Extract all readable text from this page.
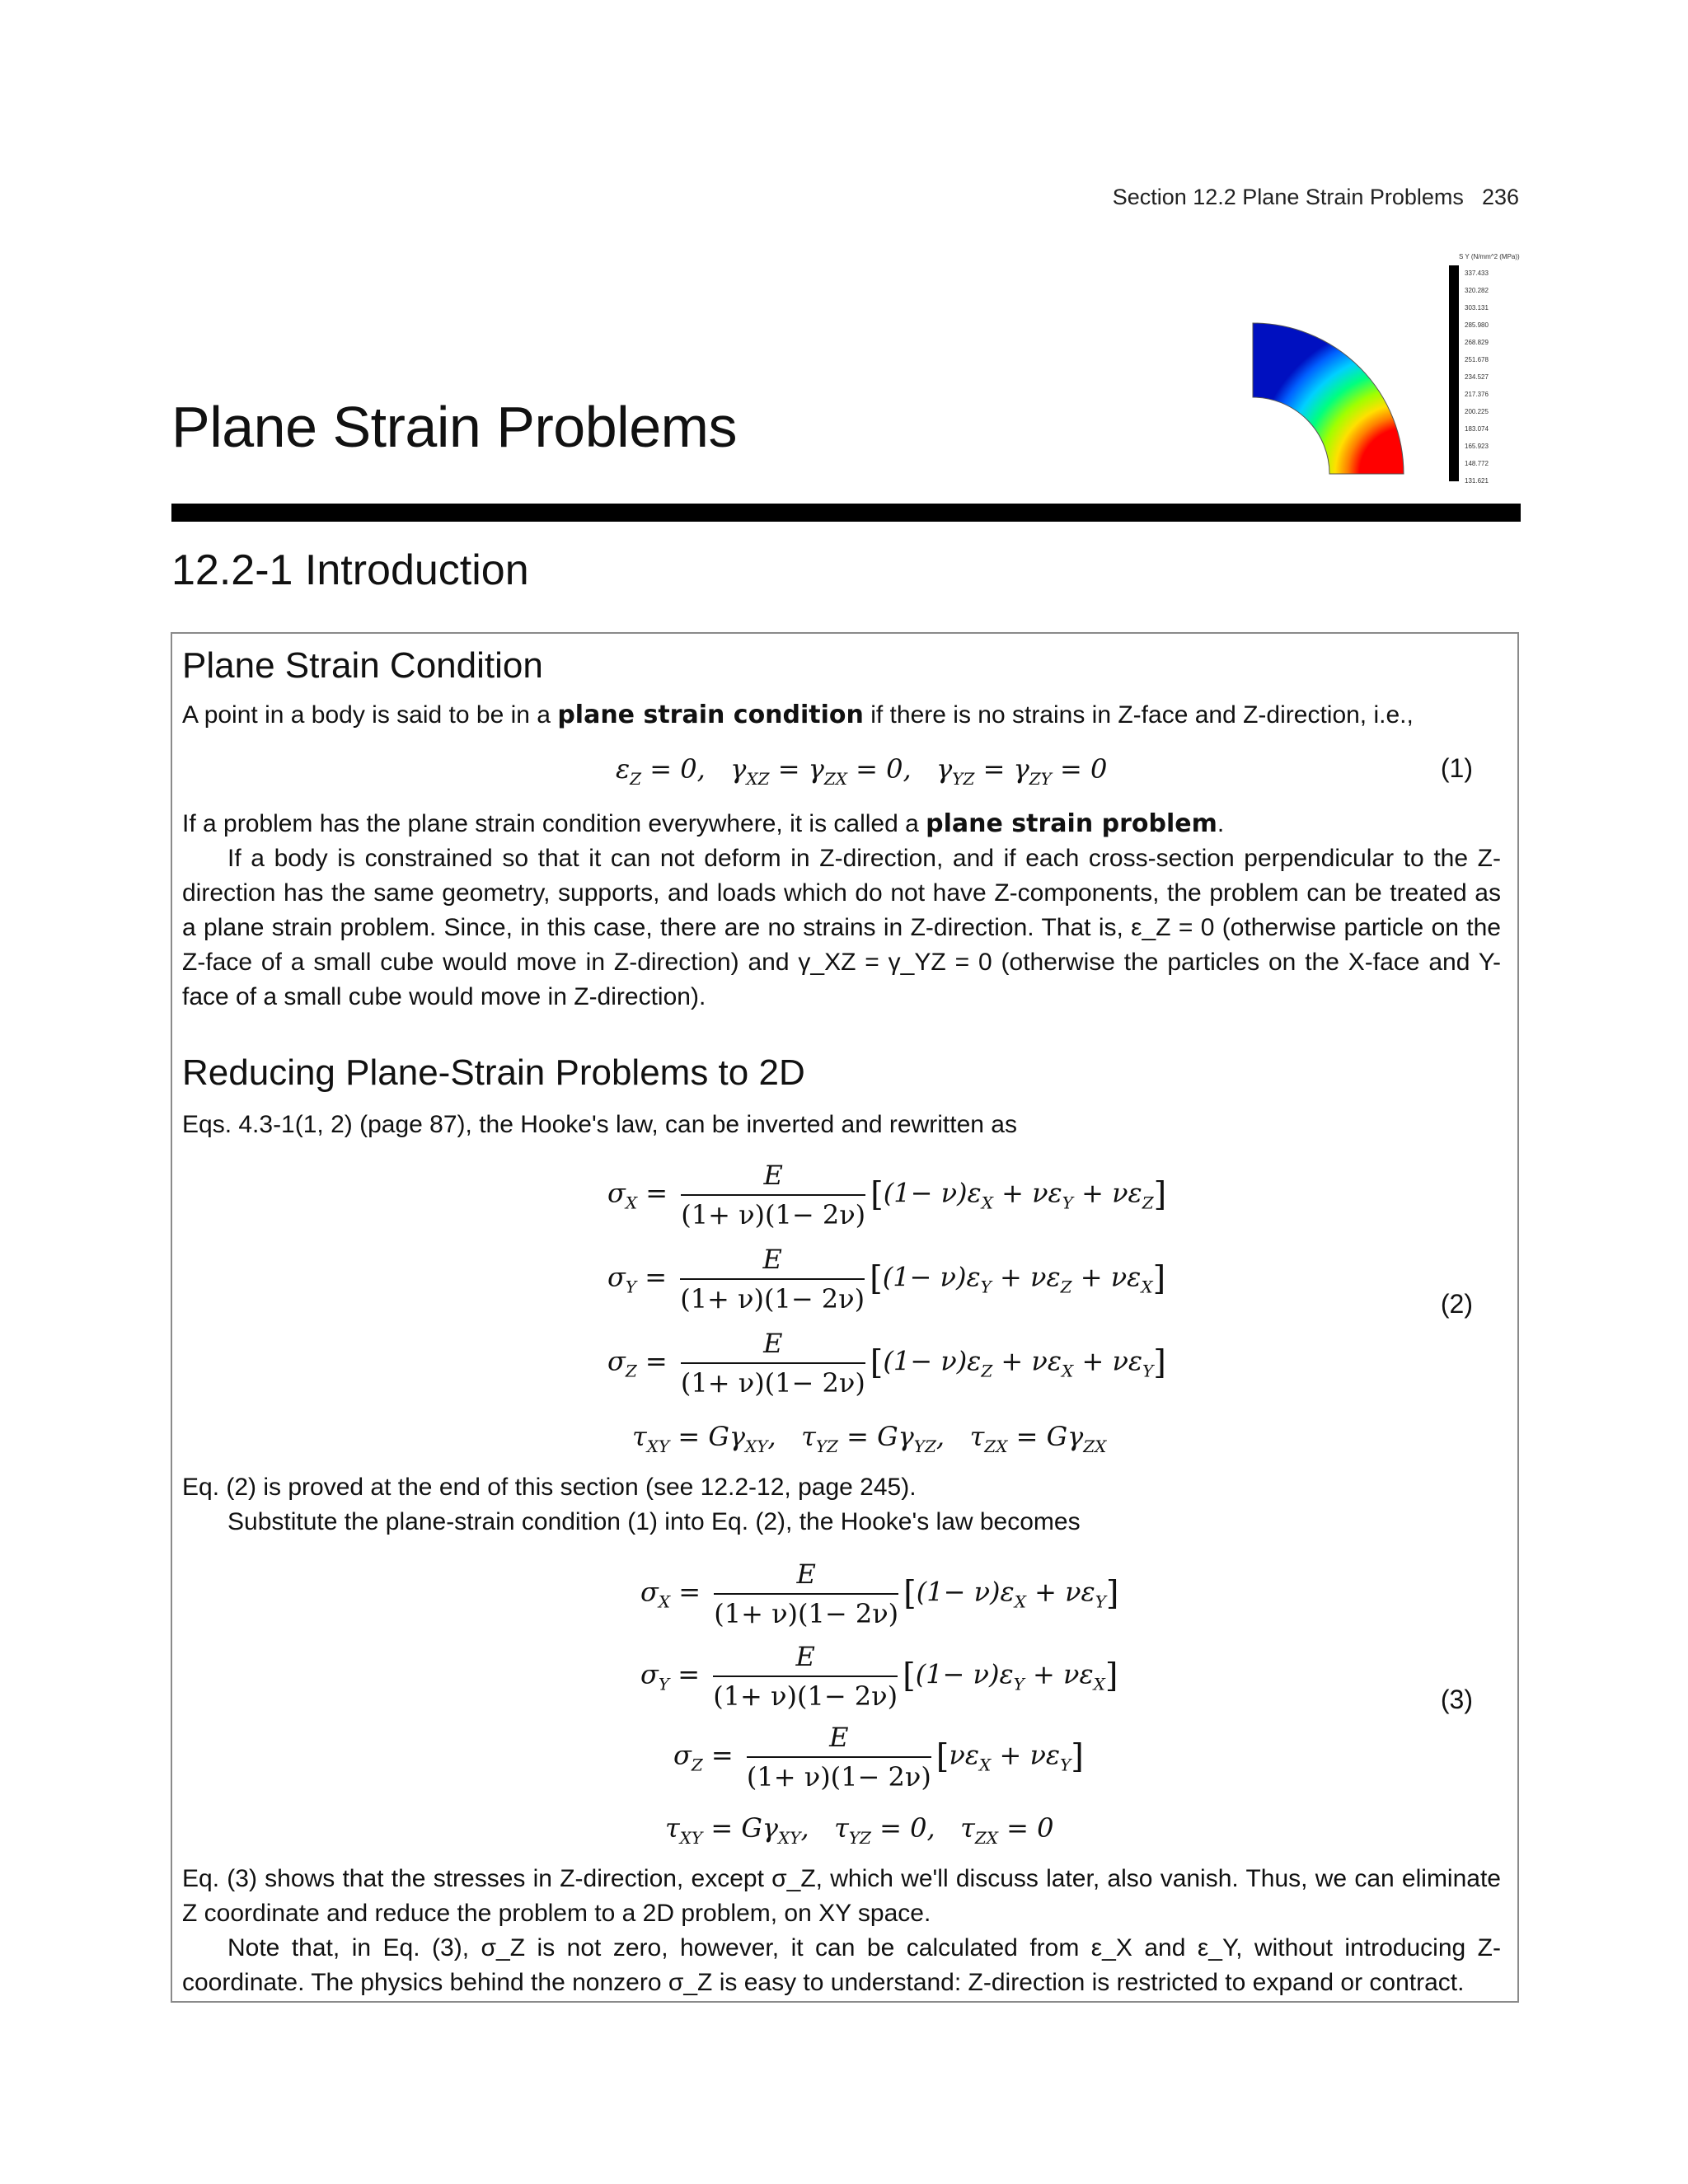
Section 12.2 Plane Strain Problems 236
S Y (N/mm^2 (MPa))
337.433
320.282
303.131
285.980
268.829
251.678
234.527
217.376
200.225
183.074
165.923
148.772
131.621
Plane Strain Problems
12.2-1 Introduction
Plane Strain Condition
A point in a body is said to be in a plane strain condition if there is no strains in Z-face and Z-direction, i.e.,
$\varepsilon_Z = 0$,   $\gamma_{XZ} = \gamma_{ZX} = 0$,   $\gamma_{YZ} = \gamma_{ZY} = 0$	(1)
If a problem has the plane strain condition everywhere, it is called a plane strain problem.
If a body is constrained so that it can not deform in Z-direction, and if each cross-section perpendicular to the Z-direction has the same geometry, supports, and loads which do not have Z-components, the problem can be treated as a plane strain problem. Since, in this case, there are no strains in Z-direction. That is, ε_Z = 0 (otherwise particle on the Z-face of a small cube would move in Z-direction) and γ_XZ = γ_YZ = 0 (otherwise the particles on the X-face and Y-face of a small cube would move in Z-direction).
Reducing Plane-Strain Problems to 2D
Eqs. 4.3-1(1, 2) (page 87), the Hooke's law, can be inverted and rewritten as
$\sigma_X = \frac{E}{(1+ \nu)(1- 2\nu)} [(1- \nu)\varepsilon_X + \nu\varepsilon_Y + \nu\varepsilon_Z]$
$\sigma_Y = \frac{E}{(1+ \nu)(1- 2\nu)} [(1- \nu)\varepsilon_Y + \nu\varepsilon_Z + \nu\varepsilon_X]$
$\sigma_Z = \frac{E}{(1+ \nu)(1- 2\nu)} [(1- \nu)\varepsilon_Z + \nu\varepsilon_X + \nu\varepsilon_Y]$
$\tau_{XY} = G\gamma_{XY}$,   $\tau_{YZ} = G\gamma_{YZ}$,   $\tau_{ZX} = G\gamma_{ZX}$
(2)
Eq. (2) is proved at the end of this section (see 12.2-12, page 245).
Substitute the plane-strain condition (1) into Eq. (2), the Hooke's law becomes
$\sigma_X = \frac{E}{(1+ \nu)(1- 2\nu)} [(1- \nu)\varepsilon_X + \nu\varepsilon_Y]$
$\sigma_Y = \frac{E}{(1+ \nu)(1- 2\nu)} [(1- \nu)\varepsilon_Y + \nu\varepsilon_X]$
$\sigma_Z = \frac{E}{(1+ \nu)(1- 2\nu)} [\nu\varepsilon_X + \nu\varepsilon_Y]$
$\tau_{XY} = G\gamma_{XY}$,   $\tau_{YZ} = 0$,   $\tau_{ZX} = 0$
(3)
Eq. (3) shows that the stresses in Z-direction, except σ_Z, which we'll discuss later, also vanish. Thus, we can eliminate Z coordinate and reduce the problem to a 2D problem, on XY space.
Note that, in Eq. (3), σ_Z is not zero, however, it can be calculated from ε_X and ε_Y, without introducing Z-coordinate. The physics behind the nonzero σ_Z is easy to understand: Z-direction is restricted to expand or contract.
